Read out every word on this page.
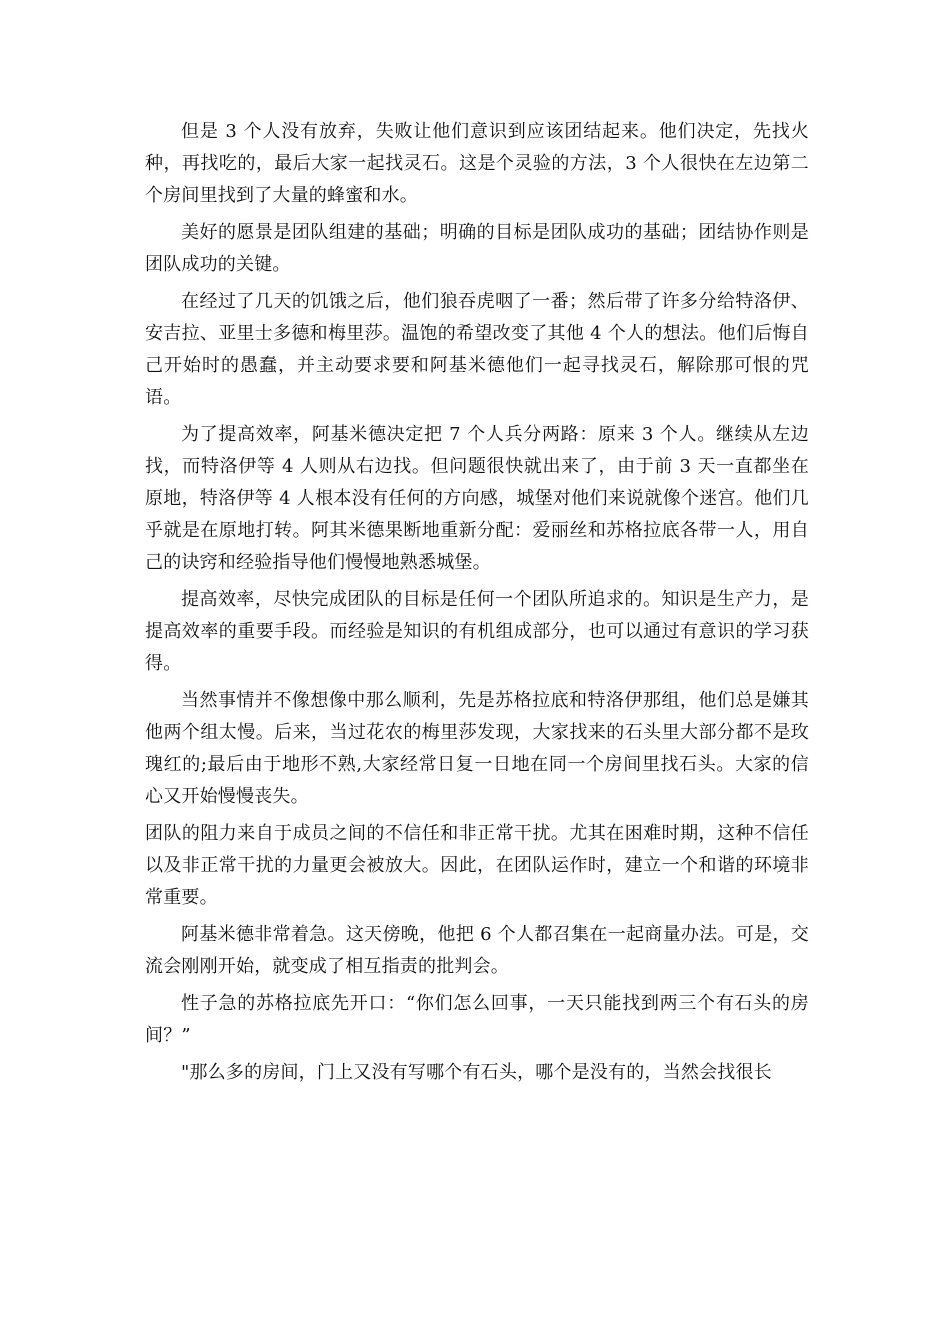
但是 3 个人没有放弃，失败让他们意识到应该团结起来。他们决定，先找火种，再找吃的，最后大家一起找灵石。这是个灵验的方法，3 个人很快在左边第二个房间里找到了大量的蜂蜜和水。

美好的愿景是团队组建的基础；明确的目标是团队成功的基础；团结协作则是团队成功的关键。

在经过了几天的饥饿之后，他们狼吞虎咽了一番；然后带了许多分给特洛伊、安吉拉、亚里士多德和梅里莎。温饱的希望改变了其他 4 个人的想法。他们后悔自己开始时的愚蠢，并主动要求要和阿基米德他们一起寻找灵石，解除那可恨的咒语。

为了提高效率，阿基米德决定把 7 个人兵分两路：原来 3 个人。继续从左边找，而特洛伊等 4 人则从右边找。但问题很快就出来了，由于前 3 天一直都坐在原地，特洛伊等 4 人根本没有任何的方向感，城堡对他们来说就像个迷宫。他们几乎就是在原地打转。阿其米德果断地重新分配：爱丽丝和苏格拉底各带一人，用自己的诀窍和经验指导他们慢慢地熟悉城堡。

提高效率，尽快完成团队的目标是任何一个团队所追求的。知识是生产力，是提高效率的重要手段。而经验是知识的有机组成部分，也可以通过有意识的学习获得。

当然事情并不像想像中那么顺利，先是苏格拉底和特洛伊那组，他们总是嫌其他两个组太慢。后来，当过花农的梅里莎发现，大家找来的石头里大部分都不是玫瑰红的;最后由于地形不熟,大家经常日复一日地在同一个房间里找石头。大家的信心又开始慢慢丧失。

团队的阻力来自于成员之间的不信任和非正常干扰。尤其在困难时期，这种不信任以及非正常干扰的力量更会被放大。因此，在团队运作时，建立一个和谐的环境非常重要。

阿基米德非常着急。这天傍晚，他把 6 个人都召集在一起商量办法。可是，交流会刚刚开始，就变成了相互指责的批判会。

性子急的苏格拉底先开口：“你们怎么回事，一天只能找到两三个有石头的房间？”

"那么多的房间，门上又没有写哪个有石头，哪个是没有的，当然会找很长
